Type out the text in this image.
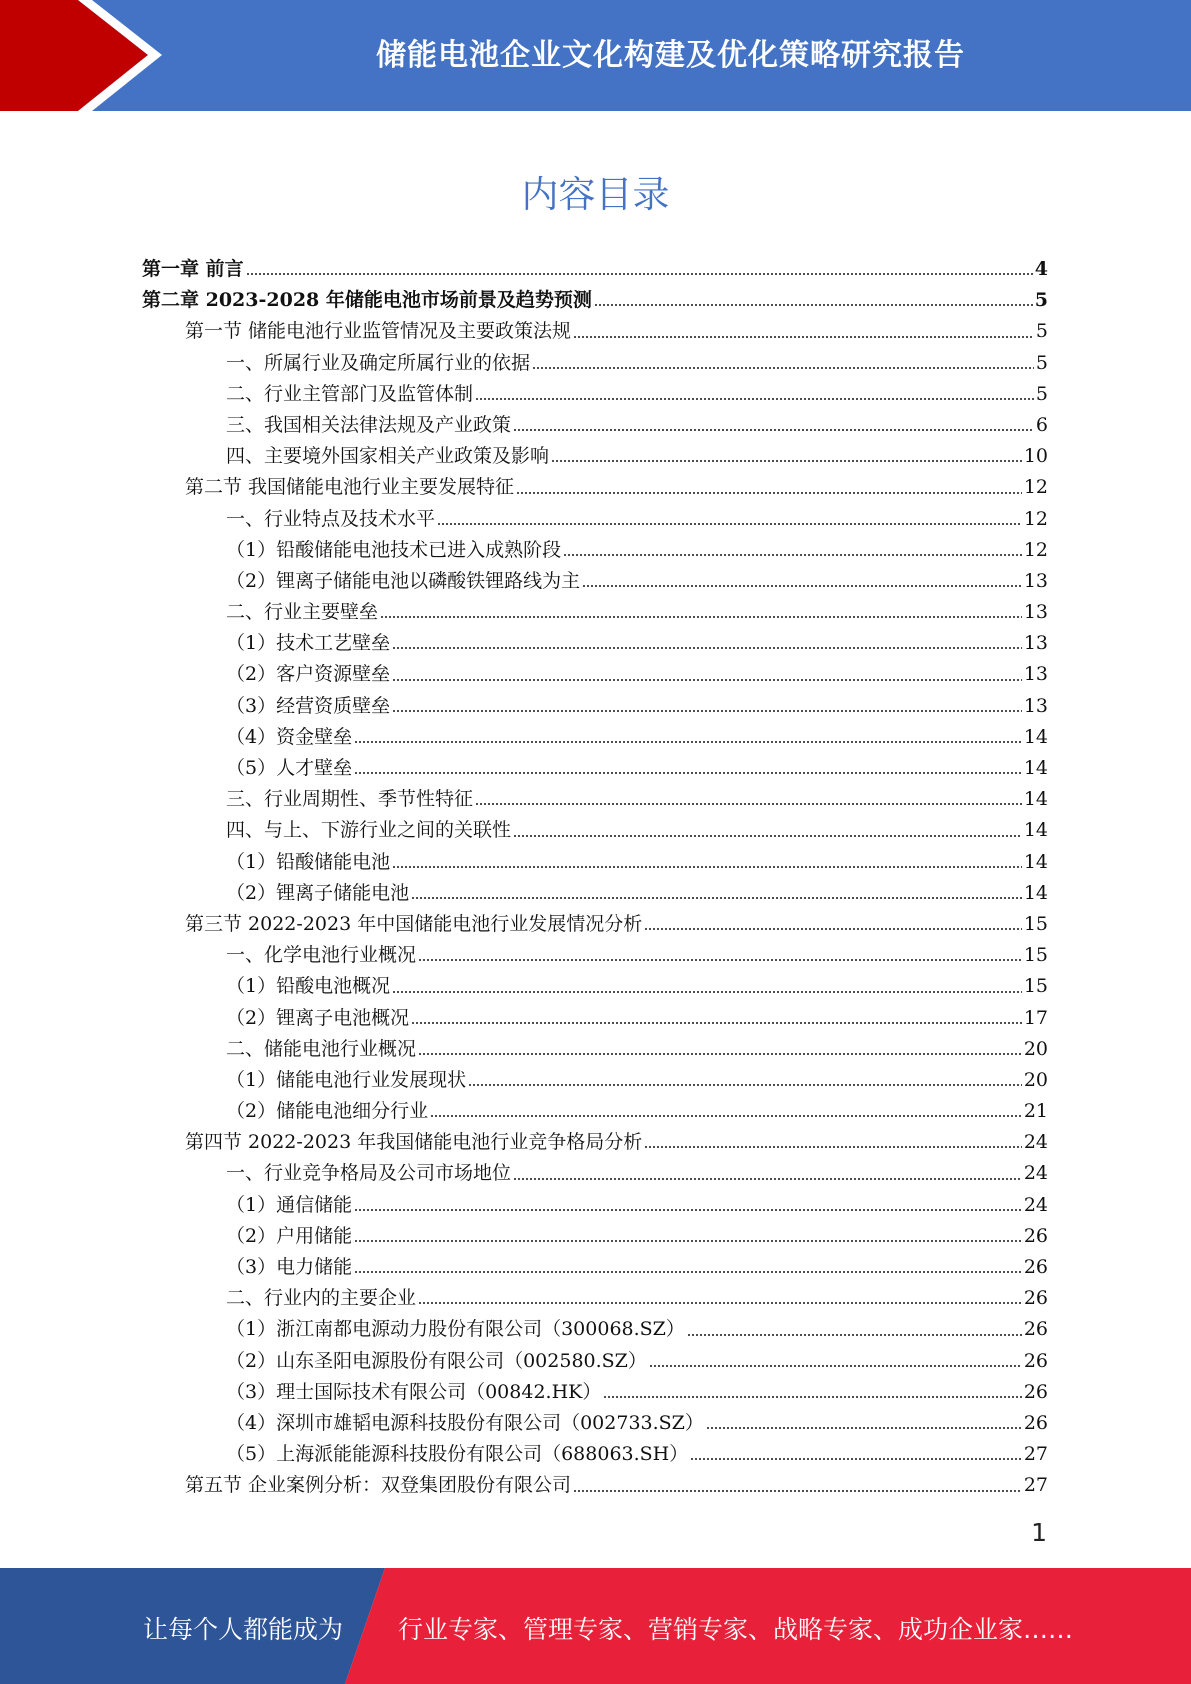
储能电池企业文化构建及优化策略研究报告
内容目录
第一章 前言	4
第二章 2023-2028 年储能电池市场前景及趋势预测	5
第一节 储能电池行业监管情况及主要政策法规	5
一、所属行业及确定所属行业的依据	5
二、行业主管部门及监管体制	5
三、我国相关法律法规及产业政策	6
四、主要境外国家相关产业政策及影响	10
第二节 我国储能电池行业主要发展特征	12
一、行业特点及技术水平	12
（1）铅酸储能电池技术已进入成熟阶段	12
（2）锂离子储能电池以磷酸铁锂路线为主	13
二、行业主要壁垒	13
（1）技术工艺壁垒	13
（2）客户资源壁垒	13
（3）经营资质壁垒	13
（4）资金壁垒	14
（5）人才壁垒	14
三、行业周期性、季节性特征	14
四、与上、下游行业之间的关联性	14
（1）铅酸储能电池	14
（2）锂离子储能电池	14
第三节 2022-2023 年中国储能电池行业发展情况分析	15
一、化学电池行业概况	15
（1）铅酸电池概况	15
（2）锂离子电池概况	17
二、储能电池行业概况	20
（1）储能电池行业发展现状	20
（2）储能电池细分行业	21
第四节 2022-2023 年我国储能电池行业竞争格局分析	24
一、行业竞争格局及公司市场地位	24
（1）通信储能	24
（2）户用储能	26
（3）电力储能	26
二、行业内的主要企业	26
（1）浙江南都电源动力股份有限公司（300068.SZ）	26
（2）山东圣阳电源股份有限公司（002580.SZ）	26
（3）理士国际技术有限公司（00842.HK）	26
（4）深圳市雄韬电源科技股份有限公司（002733.SZ）	26
（5）上海派能能源科技股份有限公司（688063.SH）	27
第五节 企业案例分析：双登集团股份有限公司	27
1
让每个人都能成为 行业专家、管理专家、营销专家、战略专家、成功企业家……
